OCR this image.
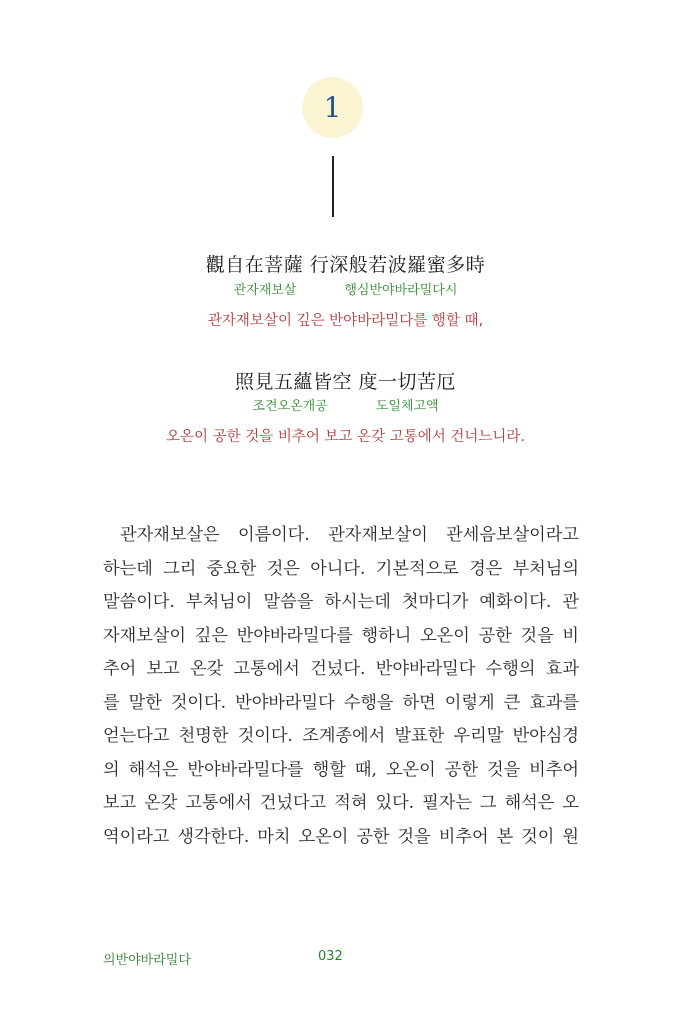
1
觀自在菩薩 行深般若波羅蜜多時
관자재보살	행심반야바라밀다시
관자재보살이 깊은 반야바라밀다를 행할 때,
照見五蘊皆空 度一切苦厄
조견오온개공	도일체고액
오온이 공한 것을 비추어 보고 온갖 고통에서 건너느니라.
관자재보살은 이름이다. 관자재보살이 관세음보살이라고
하는데 그리 중요한 것은 아니다. 기본적으로 경은 부처님의
말씀이다. 부처님이 말씀을 하시는데 첫마디가 예화이다. 관
자재보살이 깊은 반야바라밀다를 행하니 오온이 공한 것을 비
추어 보고 온갖 고통에서 건넜다. 반야바라밀다 수행의 효과
를 말한 것이다. 반야바라밀다 수행을 하면 이렇게 큰 효과를
얻는다고 천명한 것이다. 조계종에서 발표한 우리말 반야심경
의 해석은 반야바라밀다를 행할 때, 오온이 공한 것을 비추어
보고 온갖 고통에서 건넜다고 적혀 있다. 필자는 그 해석은 오
역이라고 생각한다. 마치 오온이 공한 것을 비추어 본 것이 원
의반야바라밀다	032
